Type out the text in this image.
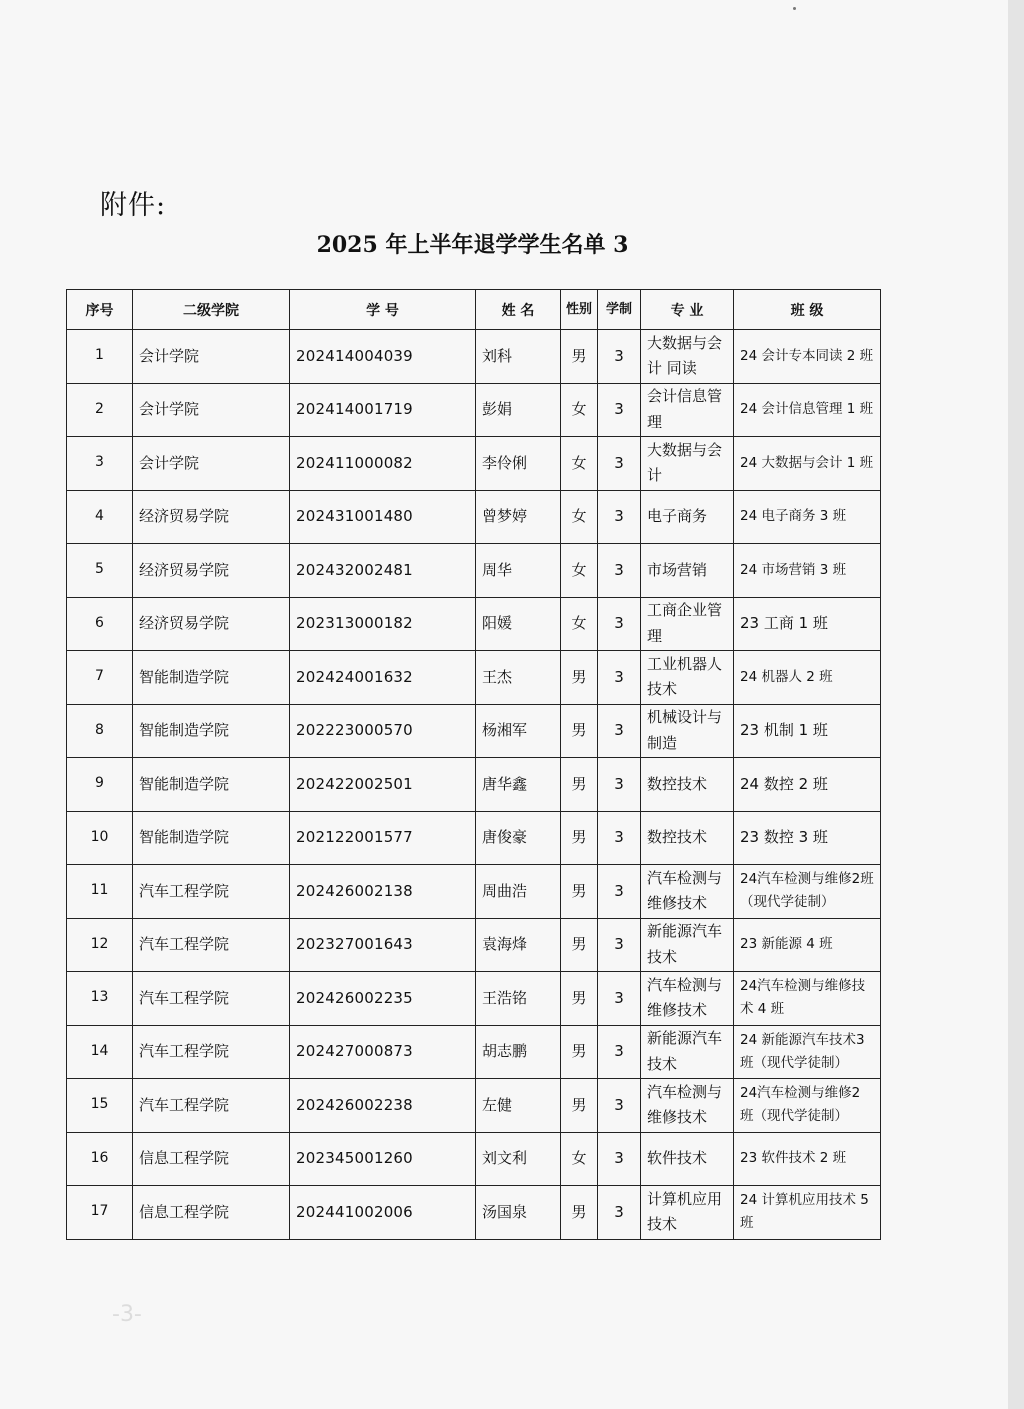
附件:
2025 年上半年退学学生名单 3
序号	二级学院	学 号	姓 名	性别	学制	专 业	班 级
1	会计学院	202414004039	刘科	男	3	大数据与会计 同读	24 会计专本同读 2 班
2	会计学院	202414001719	彭娟	女	3	会计信息管理	24 会计信息管理 1 班
3	会计学院	202411000082	李伶俐	女	3	大数据与会计	24 大数据与会计 1 班
4	经济贸易学院	202431001480	曾梦婷	女	3	电子商务	24 电子商务 3 班
5	经济贸易学院	202432002481	周华	女	3	市场营销	24 市场营销 3 班
6	经济贸易学院	202313000182	阳媛	女	3	工商企业管理	23 工商 1 班
7	智能制造学院	202424001632	王杰	男	3	工业机器人技术	24 机器人 2 班
8	智能制造学院	202223000570	杨湘军	男	3	机械设计与制造	23 机制 1 班
9	智能制造学院	202422002501	唐华鑫	男	3	数控技术	24 数控 2 班
10	智能制造学院	202122001577	唐俊豪	男	3	数控技术	23 数控 3 班
11	汽车工程学院	202426002138	周曲浩	男	3	汽车检测与维修技术	24汽车检测与维修2班（现代学徒制）
12	汽车工程学院	202327001643	袁海烽	男	3	新能源汽车技术	23 新能源 4 班
13	汽车工程学院	202426002235	王浩铭	男	3	汽车检测与维修技术	24汽车检测与维修技术 4 班
14	汽车工程学院	202427000873	胡志鹏	男	3	新能源汽车技术	24 新能源汽车技术3 班（现代学徒制）
15	汽车工程学院	202426002238	左健	男	3	汽车检测与维修技术	24汽车检测与维修2 班（现代学徒制）
16	信息工程学院	202345001260	刘文利	女	3	软件技术	23 软件技术 2 班
17	信息工程学院	202441002006	汤国泉	男	3	计算机应用技术	24 计算机应用技术 5 班
-3-
